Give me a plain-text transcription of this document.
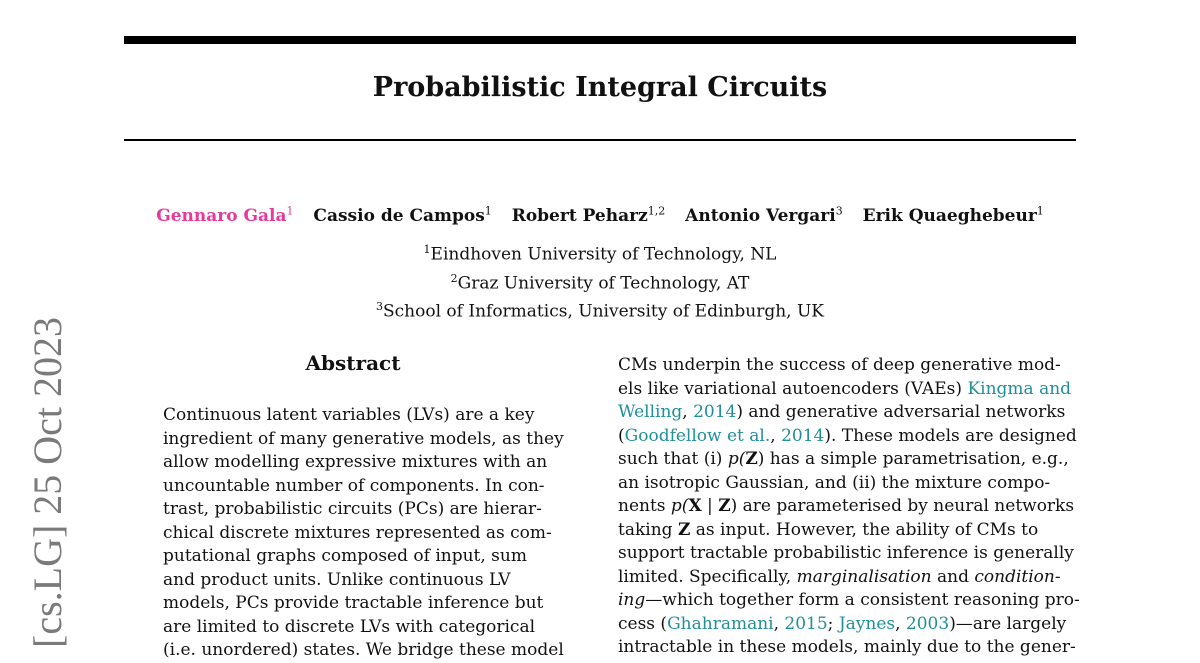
Probabilistic Integral Circuits
Gennaro Gala$^1$ Cassio de Campos$^1$ Robert Peharz$^{1,2}$ Antonio Vergari$^3$ Erik Quaeghebeur$^1$
$^1$Eindhoven University of Technology, NL
$^2$Graz University of Technology, AT
$^3$School of Informatics, University of Edinburgh, UK
[cs.LG] 25 Oct 2023	Abstract
Continuous latent variables (LVs) are a key
ingredient of many generative models, as they
allow modelling expressive mixtures with an
uncountable number of components. In con-
trast, probabilistic circuits (PCs) are hierar-
chical discrete mixtures represented as com-
putational graphs composed of input, sum
and product units. Unlike continuous LV
models, PCs provide tractable inference but
are limited to discrete LVs with categorical
(i.e. unordered) states. We bridge these model
CMs underpin the success of deep generative mod-
els like variational autoencoders (VAEs) Kingma and
Welling, 2014) and generative adversarial networks
(Goodfellow et al., 2014). These models are designed
such that (i) p(Z) has a simple parametrisation, e.g.,
an isotropic Gaussian, and (ii) the mixture compo-
nents p(X | Z) are parameterised by neural networks
taking Z as input. However, the ability of CMs to
support tractable probabilistic inference is generally
limited. Specifically, marginalisation and condition-
ing—which together form a consistent reasoning pro-
cess (Ghahramani, 2015; Jaynes, 2003)—are largely
intractable in these models, mainly due to the gener-
